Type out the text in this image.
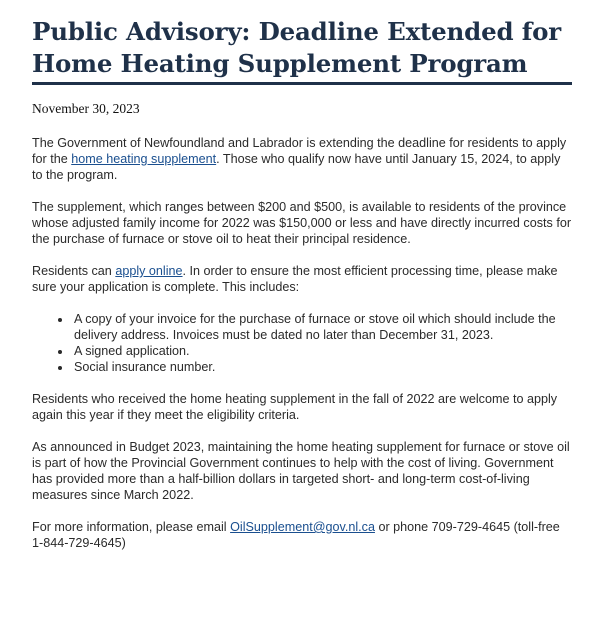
Public Advisory: Deadline Extended for
Home Heating Supplement Program
November 30, 2023

The Government of Newfoundland and Labrador is extending the deadline for residents to apply for the home heating supplement. Those who qualify now have until January 15, 2024, to apply to the program.

The supplement, which ranges between $200 and $500, is available to residents of the province whose adjusted family income for 2022 was $150,000 or less and have directly incurred costs for the purchase of furnace or stove oil to heat their principal residence.

Residents can apply online. In order to ensure the most efficient processing time, please make sure your application is complete. This includes:

• A copy of your invoice for the purchase of furnace or stove oil which should include the delivery address. Invoices must be dated no later than December 31, 2023.
• A signed application.
• Social insurance number.

Residents who received the home heating supplement in the fall of 2022 are welcome to apply again this year if they meet the eligibility criteria.

As announced in Budget 2023, maintaining the home heating supplement for furnace or stove oil is part of how the Provincial Government continues to help with the cost of living. Government has provided more than a half-billion dollars in targeted short- and long-term cost-of-living measures since March 2022.

For more information, please email OilSupplement@gov.nl.ca or phone 709-729-4645 (toll-free 1-844-729-4645)
